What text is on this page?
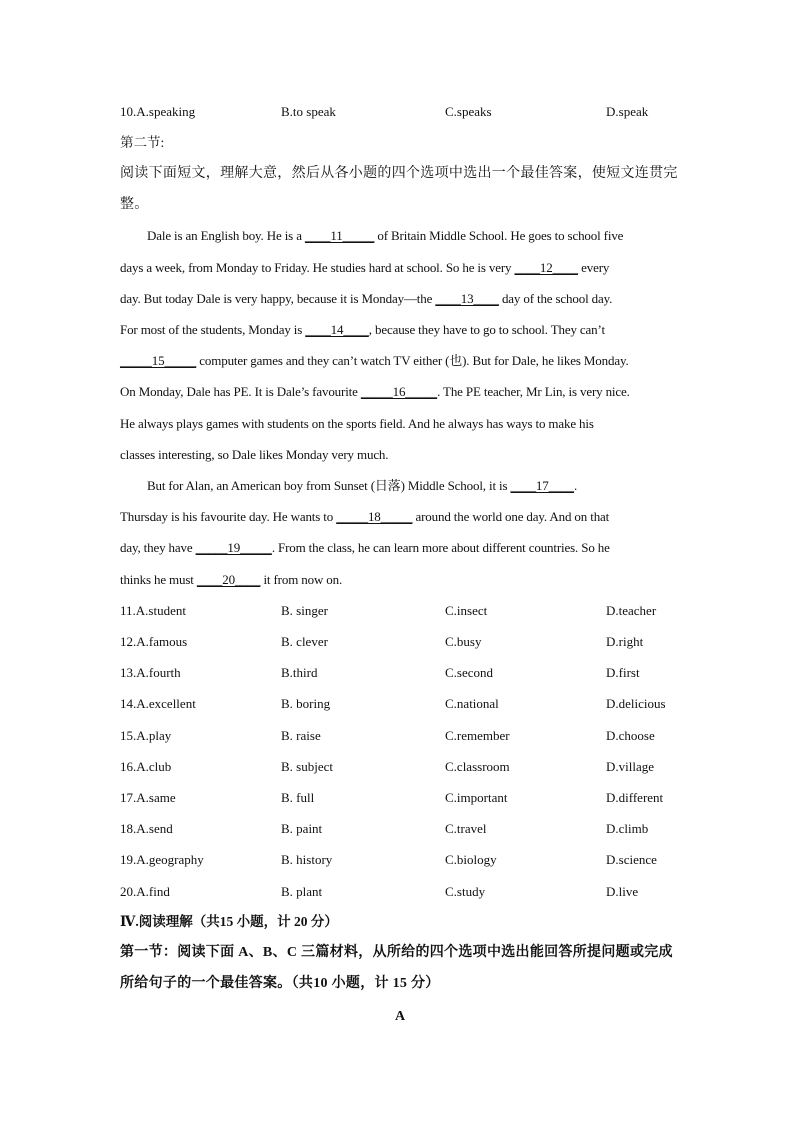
10.A.speaking	B.to speak	C.speaks	D.speak
第二节:
阅读下面短文，理解大意，然后从各小题的四个选项中选出一个最佳答案，使短文连贯完
整。
Dale is an English boy. He is a ____11_____ of Britain Middle School. He goes to school five
days a week, from Monday to Friday. He studies hard at school. So he is very ____12____ every
day. But today Dale is very happy, because it is Monday—the ____13____ day of the school day.
For most of the students, Monday is ____14____, because they have to go to school. They can’t
_____15_____ computer games and they can’t watch TV either (也). But for Dale, he likes Monday.
On Monday, Dale has PE. It is Dale’s favourite _____16_____. The PE teacher, Mr Lin, is very nice.
He always plays games with students on the sports field. And he always has ways to make his
classes interesting, so Dale likes Monday very much.
But for Alan, an American boy from Sunset (日落) Middle School, it is ____17____.
Thursday is his favourite day. He wants to _____18_____ around the world one day. And on that
day, they have _____19_____. From the class, he can learn more about different countries. So he
thinks he must ____20____ it from now on.
11.A.student	B. singer	C.insect	D.teacher
12.A.famous	B. clever	C.busy	D.right
13.A.fourth	B.third	C.second	D.first
14.A.excellent	B. boring	C.national	D.delicious
15.A.play	B. raise	C.remember	D.choose
16.A.club	B. subject	C.classroom	D.village
17.A.same	B. full	C.important	D.different
18.A.send	B. paint	C.travel	D.climb
19.A.geography	B. history	C.biology	D.science
20.A.find	B. plant	C.study	D.live
Ⅳ.阅读理解（共15 小题，计 20 分）
第一节：阅读下面 A、B、C 三篇材料，从所给的四个选项中选出能回答所提问题或完成
所给句子的一个最佳答案。（共10 小题，计 15 分）
A
